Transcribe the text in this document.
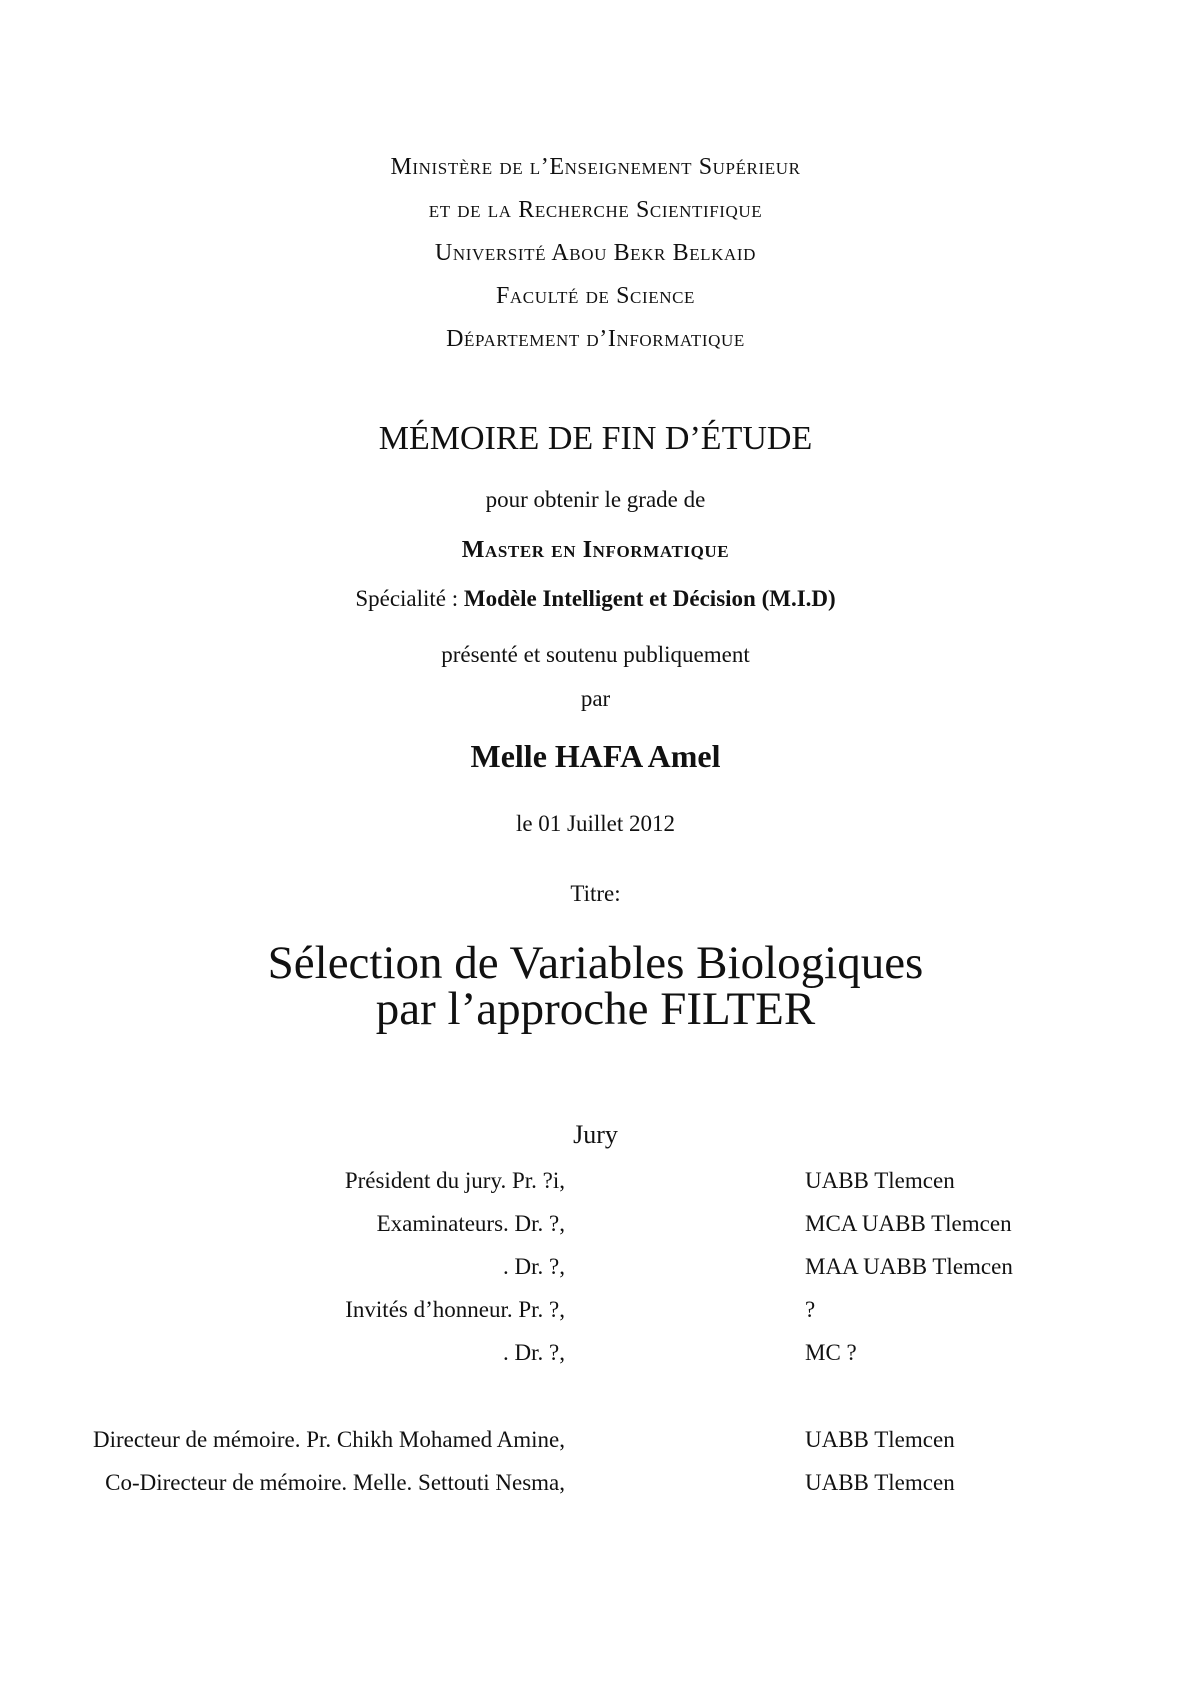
Ministère de l’Enseignement Supérieur
et de la Recherche Scientifique
Université Abou Bekr Belkaid
Faculté de Science
Département d’Informatique
MÉMOIRE DE FIN D’ÉTUDE
pour obtenir le grade de
Master en Informatique
Spécialité : Modèle Intelligent et Décision (M.I.D)
présenté et soutenu publiquement
par
Melle HAFA Amel
le 01 Juillet 2012
Titre:
Sélection de Variables Biologiques
par l’approche FILTER
Jury
Président du jury. Pr. ?i,	UABB Tlemcen
Examinateurs. Dr. ?,	MCA UABB Tlemcen
. Dr. ?,	MAA UABB Tlemcen
Invités d’honneur. Pr. ?,	?
. Dr. ?,	MC ?
Directeur de mémoire. Pr. Chikh Mohamed Amine,	UABB Tlemcen
Co-Directeur de mémoire. Melle. Settouti Nesma,	UABB Tlemcen
